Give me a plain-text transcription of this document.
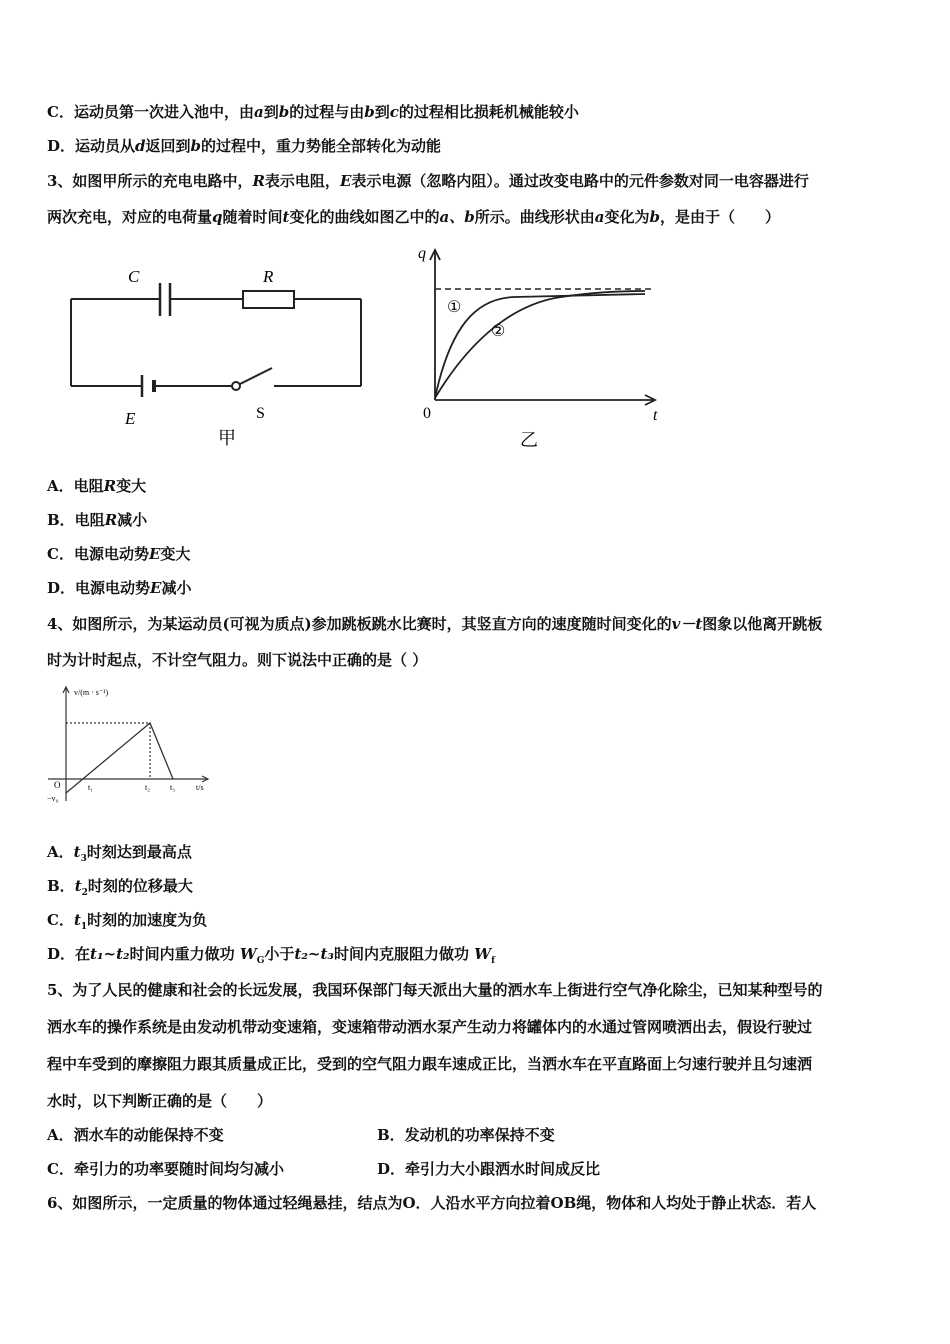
C．运动员第一次进入池中，由a到b的过程与由b到c的过程相比损耗机械能较小
D．运动员从d返回到b的过程中，重力势能全部转化为动能
3、如图甲所示的充电电路中，R表示电阻，E表示电源（忽略内阻）。通过改变电路中的元件参数对同一电容器进行
两次充电，对应的电荷量q随着时间t变化的曲线如图乙中的a、b所示。曲线形状由a变化为b，是由于（　　）
C	R
E	S
甲
q
t
0
①
②
乙
A．电阻R变大
B．电阻R减小
C．电源电动势E变大
D．电源电动势E减小
4、如图所示，为某运动员(可视为质点)参加跳板跳水比赛时，其竖直方向的速度随时间变化的v－t图象以他离开跳板
时为计时起点，不计空气阻力。则下说法中正确的是（ ）
v/(m · s⁻¹)
t/s
O
−v₀
t₁	t₂ t₃
A．$t_3$时刻达到最高点
B．$t_2$时刻的位移最大
C．$t_1$时刻的加速度为负
D．在t₁~t₂时间内重力做功 $W_G$小于t₂~t₃时间内克服阻力做功 $W_f$
5、为了人民的健康和社会的长远发展，我国环保部门每天派出大量的洒水车上街进行空气净化除尘，已知某种型号的
洒水车的操作系统是由发动机带动变速箱，变速箱带动洒水泵产生动力将罐体内的水通过管网喷洒出去，假设行驶过
程中车受到的摩擦阻力跟其质量成正比，受到的空气阻力跟车速成正比，当洒水车在平直路面上匀速行驶并且匀速洒
水时，以下判断正确的是（　　）
A．洒水车的动能保持不变	B．发动机的功率保持不变
C．牵引力的功率要随时间均匀减小	D．牵引力大小跟洒水时间成反比
6、如图所示，一定质量的物体通过轻绳悬挂，结点为O．人沿水平方向拉着OB绳，物体和人均处于静止状态．若人
